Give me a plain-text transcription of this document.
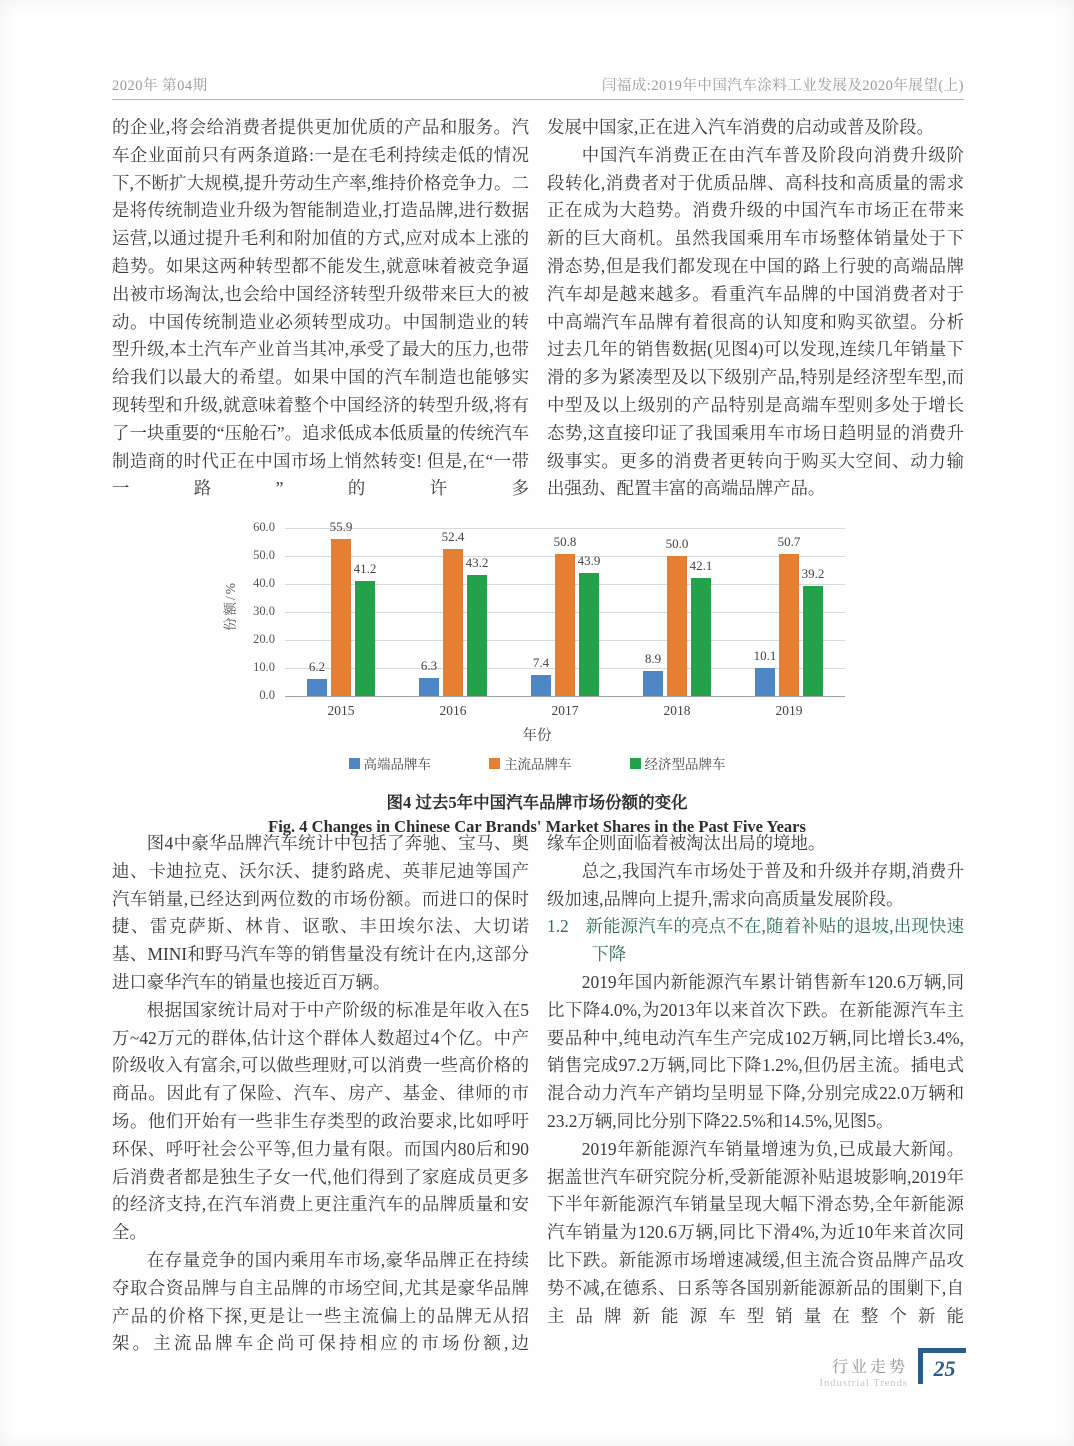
2020年 第04期	闫福成:2019年中国汽车涂料工业发展及2020年展望(上)

的企业,将会给消费者提供更加优质的产品和服务。汽车企业面前只有两条道路:一是在毛利持续走低的情况下,不断扩大规模,提升劳动生产率,维持价格竞争力。二是将传统制造业升级为智能制造业,打造品牌,进行数据运营,以通过提升毛利和附加值的方式,应对成本上涨的趋势。如果这两种转型都不能发生,就意味着被竞争逼出被市场淘汰,也会给中国经济转型升级带来巨大的被动。中国传统制造业必须转型成功。中国制造业的转型升级,本土汽车产业首当其冲,承受了最大的压力,也带给我们以最大的希望。如果中国的汽车制造也能够实现转型和升级,就意味着整个中国经济的转型升级,将有了一块重要的“压舱石”。追求低成本低质量的传统汽车制造商的时代正在中国市场上悄然转变! 但是,在“一带一路”的许多

发展中国家,正在进入汽车消费的启动或普及阶段。

中国汽车消费正在由汽车普及阶段向消费升级阶段转化,消费者对于优质品牌、高科技和高质量的需求正在成为大趋势。消费升级的中国汽车市场正在带来新的巨大商机。虽然我国乘用车市场整体销量处于下滑态势,但是我们都发现在中国的路上行驶的高端品牌汽车却是越来越多。看重汽车品牌的中国消费者对于中高端汽车品牌有着很高的认知度和购买欲望。分析过去几年的销售数据(见图4)可以发现,连续几年销量下滑的多为紧凑型及以下级别产品,特别是经济型车型,而中型及以上级别的产品特别是高端车型则多处于增长态势,这直接印证了我国乘用车市场日趋明显的消费升级事实。更多的消费者更转向于购买大空间、动力输出强劲、配置丰富的高端品牌产品。

份额/%
6.2
55.9
41.2
6.3
52.4
43.2
7.4
50.8
43.9
8.9
50.0
42.1
10.1
50.7
39.2
0.0
10.0
20.0
30.0
40.0
50.0
60.0
2015	2016	2017	2018	2019
年份
高端品牌车	主流品牌车	经济型品牌车
图4 过去5年中国汽车品牌市场份额的变化
Fig. 4 Changes in Chinese Car Brands' Market Shares in the Past Five Years

图4中豪华品牌汽车统计中包括了奔驰、宝马、奥迪、卡迪拉克、沃尔沃、捷豹路虎、英菲尼迪等国产汽车销量,已经达到两位数的市场份额。而进口的保时捷、雷克萨斯、林肯、讴歌、丰田埃尔法、大切诺基、MINI和野马汽车等的销售量没有统计在内,这部分进口豪华汽车的销量也接近百万辆。

根据国家统计局对于中产阶级的标准是年收入在5万~42万元的群体,估计这个群体人数超过4个亿。中产阶级收入有富余,可以做些理财,可以消费一些高价格的商品。因此有了保险、汽车、房产、基金、律师的市场。他们开始有一些非生存类型的政治要求,比如呼吁环保、呼吁社会公平等,但力量有限。而国内80后和90后消费者都是独生子女一代,他们得到了家庭成员更多的经济支持,在汽车消费上更注重汽车的品牌质量和安全。

在存量竞争的国内乘用车市场,豪华品牌正在持续夺取合资品牌与自主品牌的市场空间,尤其是豪华品牌产品的价格下探,更是让一些主流偏上的品牌无从招架。主流品牌车企尚可保持相应的市场份额,边

缘车企则面临着被淘汰出局的境地。

总之,我国汽车市场处于普及和升级并存期,消费升级加速,品牌向上提升,需求向高质量发展阶段。

1.2 新能源汽车的亮点不在,随着补贴的退坡,出现快速下降

2019年国内新能源汽车累计销售新车120.6万辆,同比下降4.0%,为2013年以来首次下跌。在新能源汽车主要品种中,纯电动汽车生产完成102万辆,同比增长3.4%,销售完成97.2万辆,同比下降1.2%,但仍居主流。插电式混合动力汽车产销均呈明显下降,分别完成22.0万辆和23.2万辆,同比分别下降22.5%和14.5%,见图5。

2019年新能源汽车销量增速为负,已成最大新闻。据盖世汽车研究院分析,受新能源补贴退坡影响,2019年下半年新能源汽车销量呈现大幅下滑态势,全年新能源汽车销量为120.6万辆,同比下滑4%,为近10年来首次同比下跌。新能源市场增速减缓,但主流合资品牌产品攻势不减,在德系、日系等各国别新能源新品的围剿下,自主品牌新能源车型销量在整个新能

行业走势
Industrial Trends
25
